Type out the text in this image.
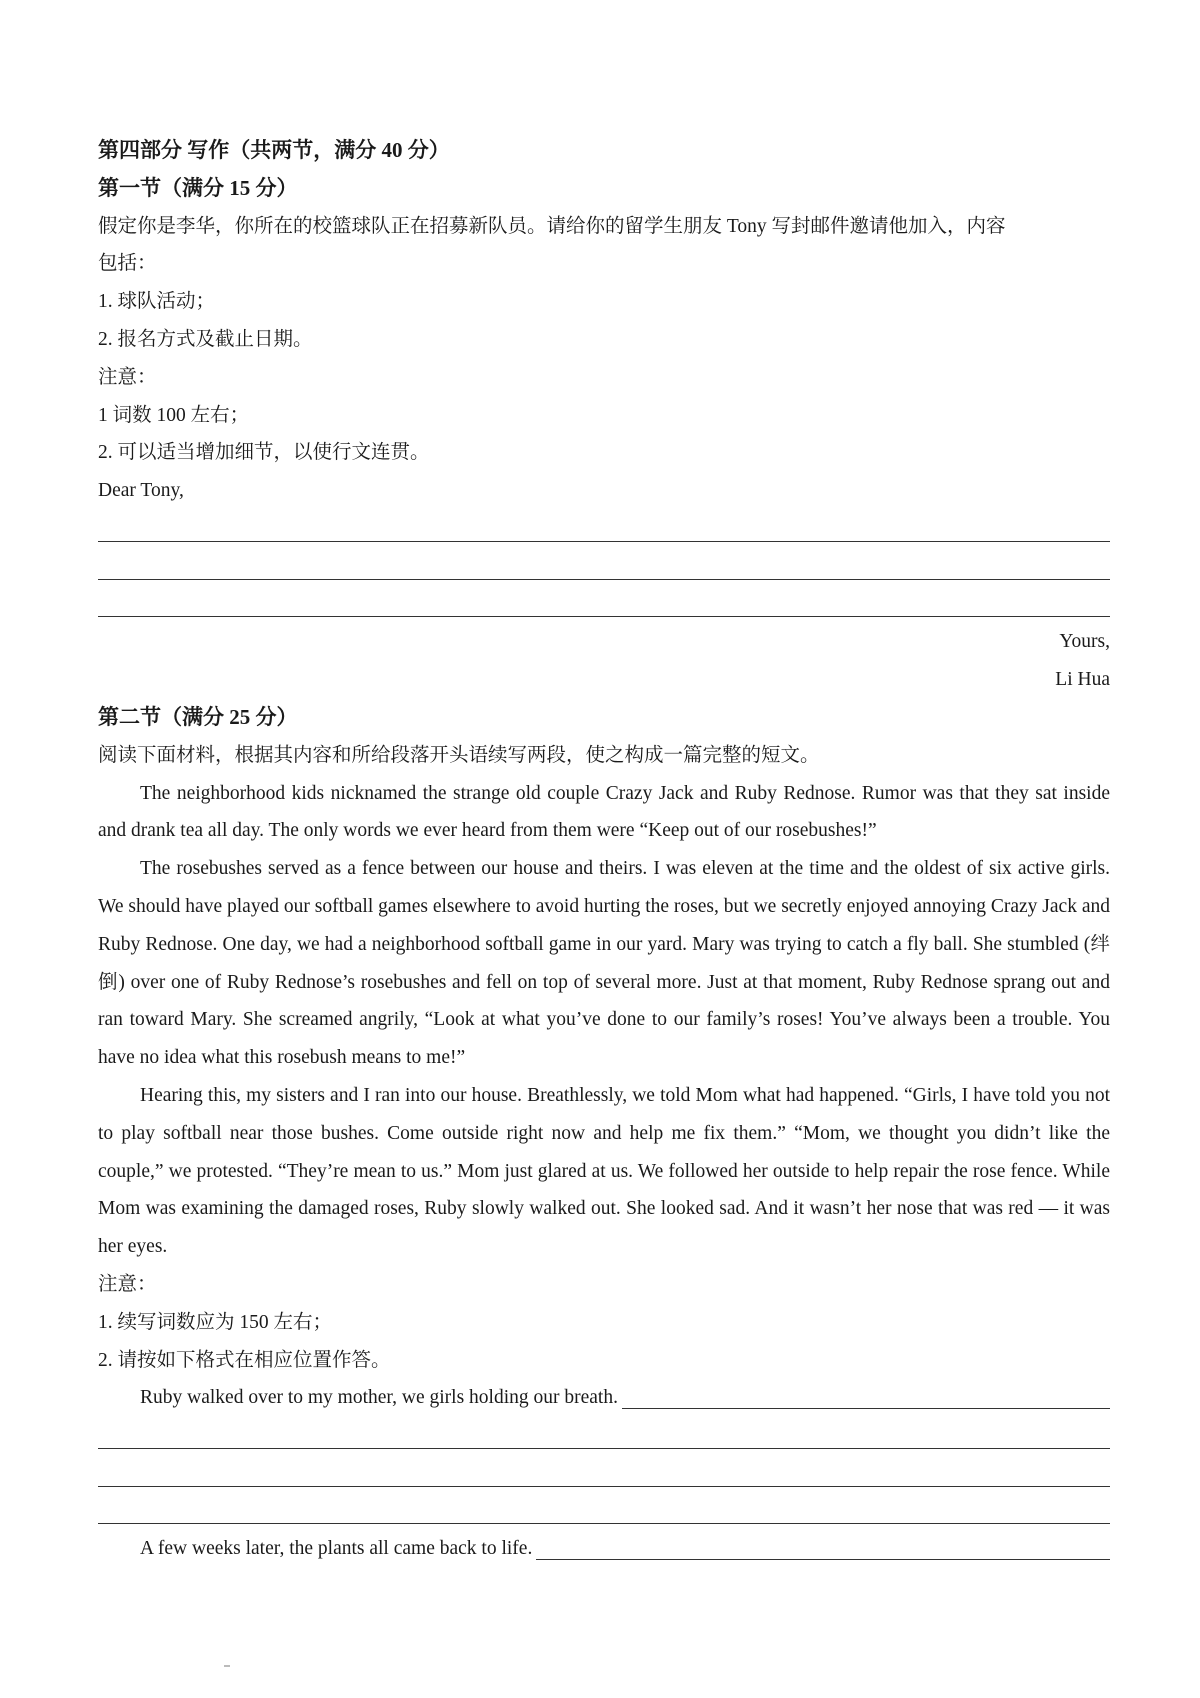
第四部分 写作（共两节，满分 40 分）
第一节（满分 15 分）
假定你是李华，你所在的校篮球队正在招募新队员。请给你的留学生朋友 Tony 写封邮件邀请他加入，内容
包括：
1. 球队活动；
2. 报名方式及截止日期。
注意：
1 词数 100 左右；
2. 可以适当增加细节，以使行文连贯。
Dear Tony,
Yours,
Li Hua
第二节（满分 25 分）
阅读下面材料，根据其内容和所给段落开头语续写两段，使之构成一篇完整的短文。
The neighborhood kids nicknamed the strange old couple Crazy Jack and Ruby Rednose. Rumor was that they sat inside and drank tea all day. The only words we ever heard from them were “Keep out of our rosebushes!”
The rosebushes served as a fence between our house and theirs. I was eleven at the time and the oldest of six active girls. We should have played our softball games elsewhere to avoid hurting the roses, but we secretly enjoyed annoying Crazy Jack and Ruby Rednose. One day, we had a neighborhood softball game in our yard. Mary was trying to catch a fly ball. She stumbled (绊倒) over one of Ruby Rednose’s rosebushes and fell on top of several more. Just at that moment, Ruby Rednose sprang out and ran toward Mary. She screamed angrily, “Look at what you’ve done to our family’s roses! You’ve always been a trouble. You have no idea what this rosebush means to me!”
Hearing this, my sisters and I ran into our house. Breathlessly, we told Mom what had happened. “Girls, I have told you not to play softball near those bushes. Come outside right now and help me fix them.” “Mom, we thought you didn’t like the couple,” we protested. “They’re mean to us.” Mom just glared at us. We followed her outside to help repair the rose fence. While Mom was examining the damaged roses, Ruby slowly walked out. She looked sad. And it wasn’t her nose that was red — it was her eyes.
注意：
1. 续写词数应为 150 左右；
2. 请按如下格式在相应位置作答。
Ruby walked over to my mother, we girls holding our breath.
A few weeks later, the plants all came back to life.
